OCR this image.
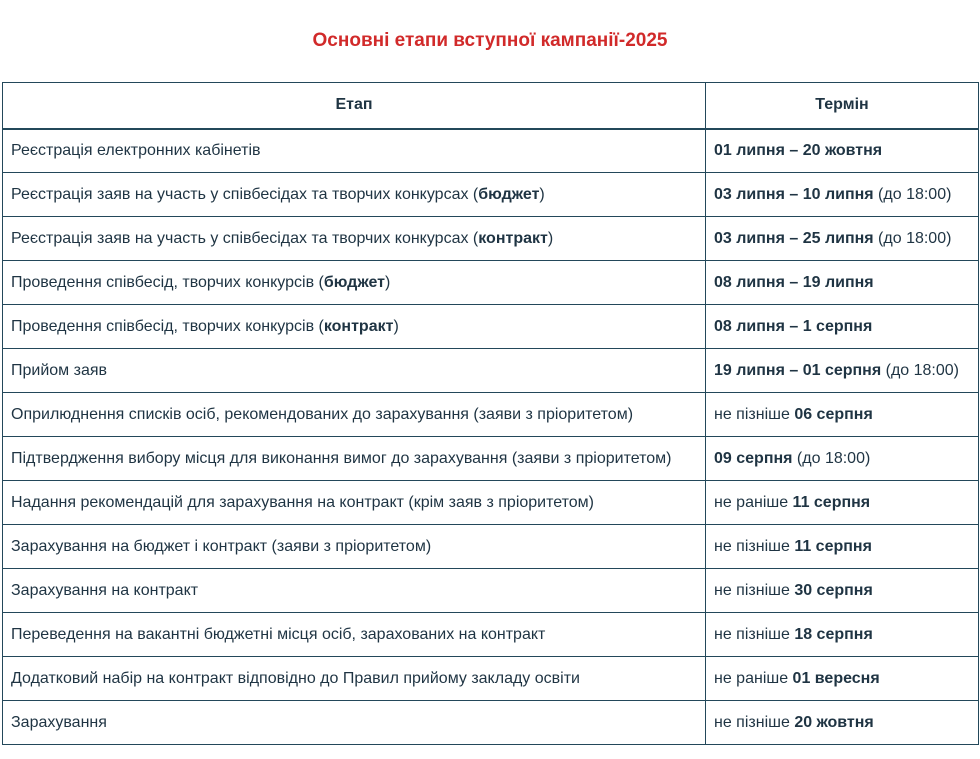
Основні етапи вступної кампанії-2025
Етап	Термін
Реєстрація електронних кабінетів	01 липня – 20 жовтня
Реєстрація заяв на участь у співбесідах та творчих конкурсах (бюджет)	03 липня – 10 липня (до 18:00)
Реєстрація заяв на участь у співбесідах та творчих конкурсах (контракт)	03 липня – 25 липня (до 18:00)
Проведення співбесід, творчих конкурсів (бюджет)	08 липня – 19 липня
Проведення співбесід, творчих конкурсів (контракт)	08 липня – 1 серпня
Прийом заяв	19 липня – 01 серпня (до 18:00)
Оприлюднення списків осіб, рекомендованих до зарахування (заяви з пріоритетом)	не пізніше 06 серпня
Підтвердження вибору місця для виконання вимог до зарахування (заяви з пріоритетом)	09 серпня (до 18:00)
Надання рекомендацій для зарахування на контракт (крім заяв з пріоритетом)	не раніше 11 серпня
Зарахування на бюджет і контракт (заяви з пріоритетом)	не пізніше 11 серпня
Зарахування на контракт	не пізніше 30 серпня
Переведення на вакантні бюджетні місця осіб, зарахованих на контракт	не пізніше 18 серпня
Додатковий набір на контракт відповідно до Правил прийому закладу освіти	не раніше 01 вересня
Зарахування	не пізніше 20 жовтня
